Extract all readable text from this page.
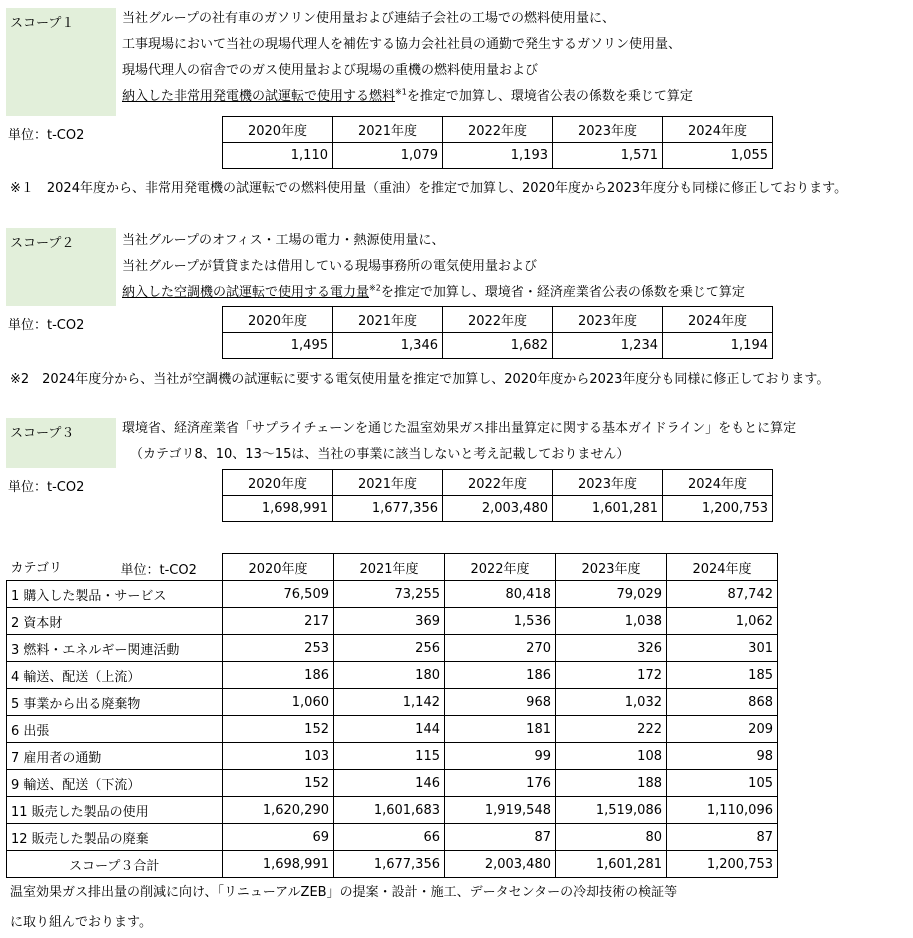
スコープ１	当社グループの社有車のガソリン使用量および連結子会社の工場での燃料使用量に、
工事現場において当社の現場代理人を補佐する協力会社社員の通勤で発生するガソリン使用量、
現場代理人の宿舎でのガス使用量および現場の重機の燃料使用量および
納入した非常用発電機の試運転で使用する燃料$^{※1}$を推定で加算し、環境省公表の係数を乗じて算定
単位：t-CO2	2020年度	2021年度	2022年度	2023年度	2024年度
1,110	1,079	1,193	1,571	1,055
※１　2024年度から、非常用発電機の試運転での燃料使用量（重油）を推定で加算し、2020年度から2023年度分も同様に修正しております。
スコープ２	当社グループのオフィス・工場の電力・熱源使用量に、
当社グループが賃貸または借用している現場事務所の電気使用量および
納入した空調機の試運転で使用する電力量$^{※2}$を推定で加算し、環境省・経済産業省公表の係数を乗じて算定
単位：t-CO2	2020年度	2021年度	2022年度	2023年度	2024年度
1,495	1,346	1,682	1,234	1,194
※2　2024年度分から、当社が空調機の試運転に要する電気使用量を推定で加算し、2020年度から2023年度分も同様に修正しております。
スコープ３	環境省、経済産業省「サプライチェーンを通じた温室効果ガス排出量算定に関する基本ガイドライン」をもとに算定
（カテゴリ8、10、13～15は、当社の事業に該当しないと考え記載しておりません）
単位：t-CO2	2020年度	2021年度	2022年度	2023年度	2024年度
1,698,991	1,677,356	2,003,480	1,601,281	1,200,753
カテゴリ 単位：t-CO2	2020年度	2021年度	2022年度	2023年度	2024年度
1 購入した製品・サービス	76,509	73,255	80,418	79,029	87,742
2 資本財	217	369	1,536	1,038	1,062
3 燃料・エネルギー関連活動	253	256	270	326	301
4 輸送、配送（上流）	186	180	186	172	185
5 事業から出る廃棄物	1,060	1,142	968	1,032	868
6 出張	152	144	181	222	209
7 雇用者の通勤	103	115	99	108	98
9 輸送、配送（下流）	152	146	176	188	105
11 販売した製品の使用	1,620,290	1,601,683	1,919,548	1,519,086	1,110,096
12 販売した製品の廃棄	69	66	87	80	87
スコープ３合計	1,698,991	1,677,356	2,003,480	1,601,281	1,200,753
温室効果ガス排出量の削減に向け、「リニューアルZEB」の提案・設計・施工、データセンターの冷却技術の検証等
に取り組んでおります。
